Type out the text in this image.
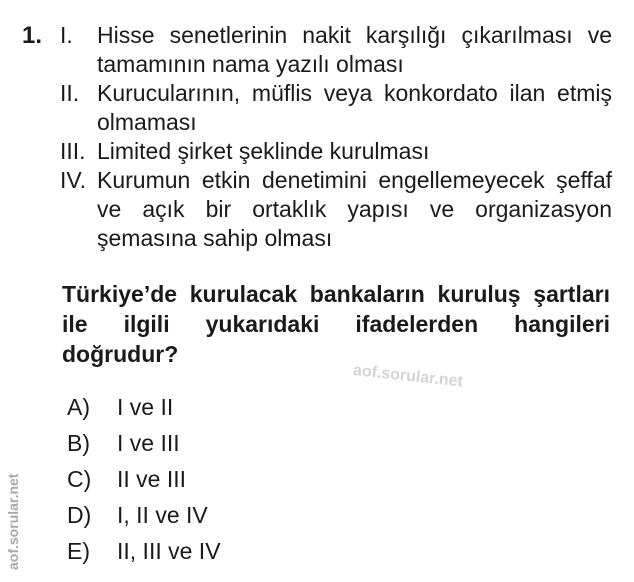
1. I.	Hisse senetlerinin nakit karşılığı çıkarılması ve tamamının nama yazılı olması
II. Kurucularının, müflis veya konkordato ilan etmiş olmaması
III. Limited şirket şeklinde kurulması
IV. Kurumun etkin denetimini engellemeyecek şeffaf ve açık bir ortaklık yapısı ve organizasyon şemasına sahip olması
Türkiye’de kurulacak bankaların kuruluş şartları ile ilgili yukarıdaki ifadelerden hangileri doğrudur?
aof.sorular.net
A)	I ve II
B)	I ve III
C)	II ve III
D)	I, II ve IV
E)	II, III ve IV
aof.sorular.net
